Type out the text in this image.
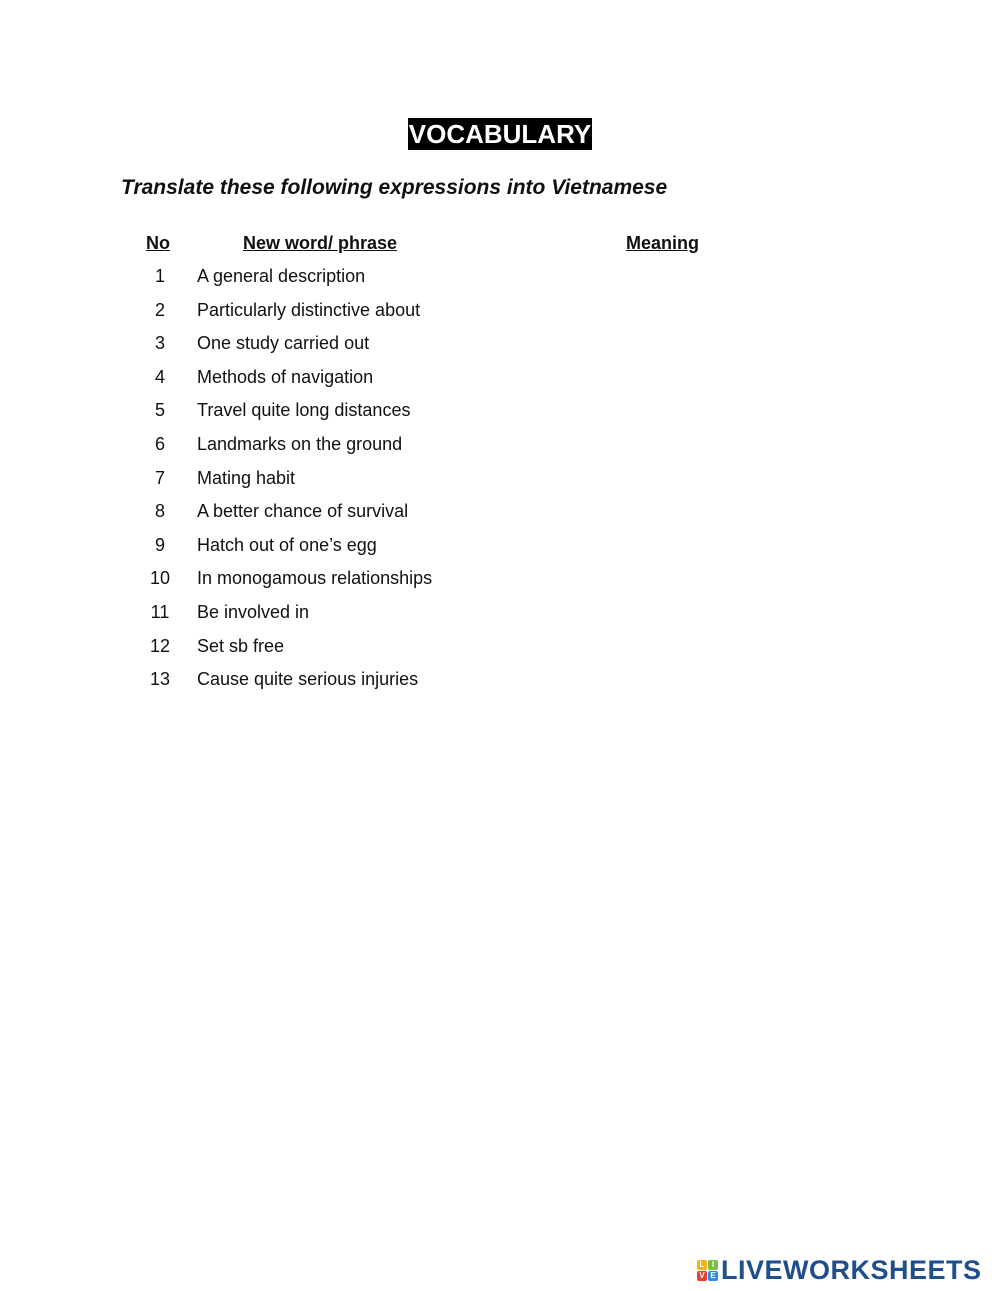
VOCABULARY
Translate these following expressions into Vietnamese
No	New word/ phrase	Meaning
1	A general description
2	Particularly distinctive about
3	One study carried out
4	Methods of navigation
5	Travel quite long distances
6	Landmarks on the ground
7	Mating habit
8	A better chance of survival
9	Hatch out of one’s egg
10	In monogamous relationships
11	Be involved in
12	Set sb free
13	Cause quite serious injuries
L I
V E LIVEWORKSHEETS
